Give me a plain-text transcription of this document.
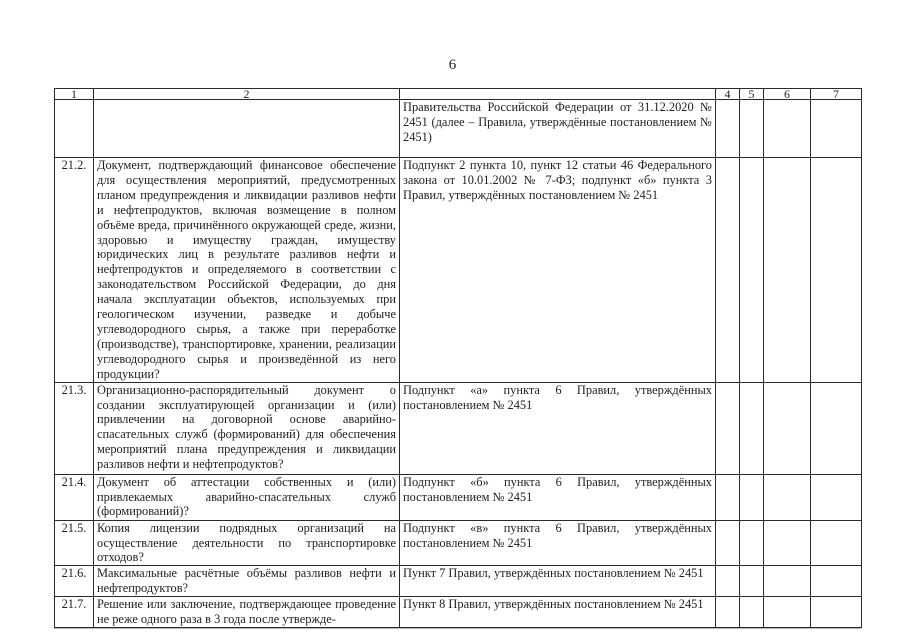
6
1	2		4	5	6	7
		Правительства Российской Федерации от 31.12.2020 № 2451 (далее – Правила, утверждённые постановлением № 2451)				
21.2.	Документ, подтверждающий финансовое обеспечение для осуществления мероприятий, предусмотренных планом предупреждения и ликвидации разливов нефти и нефтепродуктов, включая возмещение в полном объёме вреда, причинённого окружающей среде, жизни, здоровью и имуществу граждан, имуществу юридических лиц в результате разливов нефти и нефтепродуктов и определяемого в соответствии с законодательством Российской Федерации, до дня начала эксплуатации объектов, используемых при геологическом изучении, разведке и добыче углеводородного сырья, а также при переработке (производстве), транспортировке, хранении, реализации углеводородного сырья и произведённой из него продукции?	Подпункт 2 пункта 10, пункт 12 статьи 46 Федерального закона от 10.01.2002 № 7-ФЗ; подпункт «б» пункта 3 Правил, утверждённых постановлением № 2451				
21.3.	Организационно-распорядительный документ о создании эксплуатирующей организации и (или) привлечении на договорной основе аварийно-спасательных служб (формирований) для обеспечения мероприятий плана предупреждения и ликвидации разливов нефти и нефтепродуктов?	Подпункт «а» пункта 6 Правил, утверждённых постановлением № 2451				
21.4.	Документ об аттестации собственных и (или) привлекаемых аварийно-спасательных служб (формирований)?	Подпункт «б» пункта 6 Правил, утверждённых постановлением № 2451				
21.5.	Копия лицензии подрядных организаций на осуществление деятельности по транспортировке отходов?	Подпункт «в» пункта 6 Правил, утверждённых постановлением № 2451				
21.6.	Максимальные расчётные объёмы разливов нефти и нефтепродуктов?	Пункт 7 Правил, утверждённых постановлением № 2451				
21.7.	Решение или заключение, подтверждающее проведение не реже одного раза в 3 года после утвержде-	Пункт 8 Правил, утверждённых постановлением № 2451				
